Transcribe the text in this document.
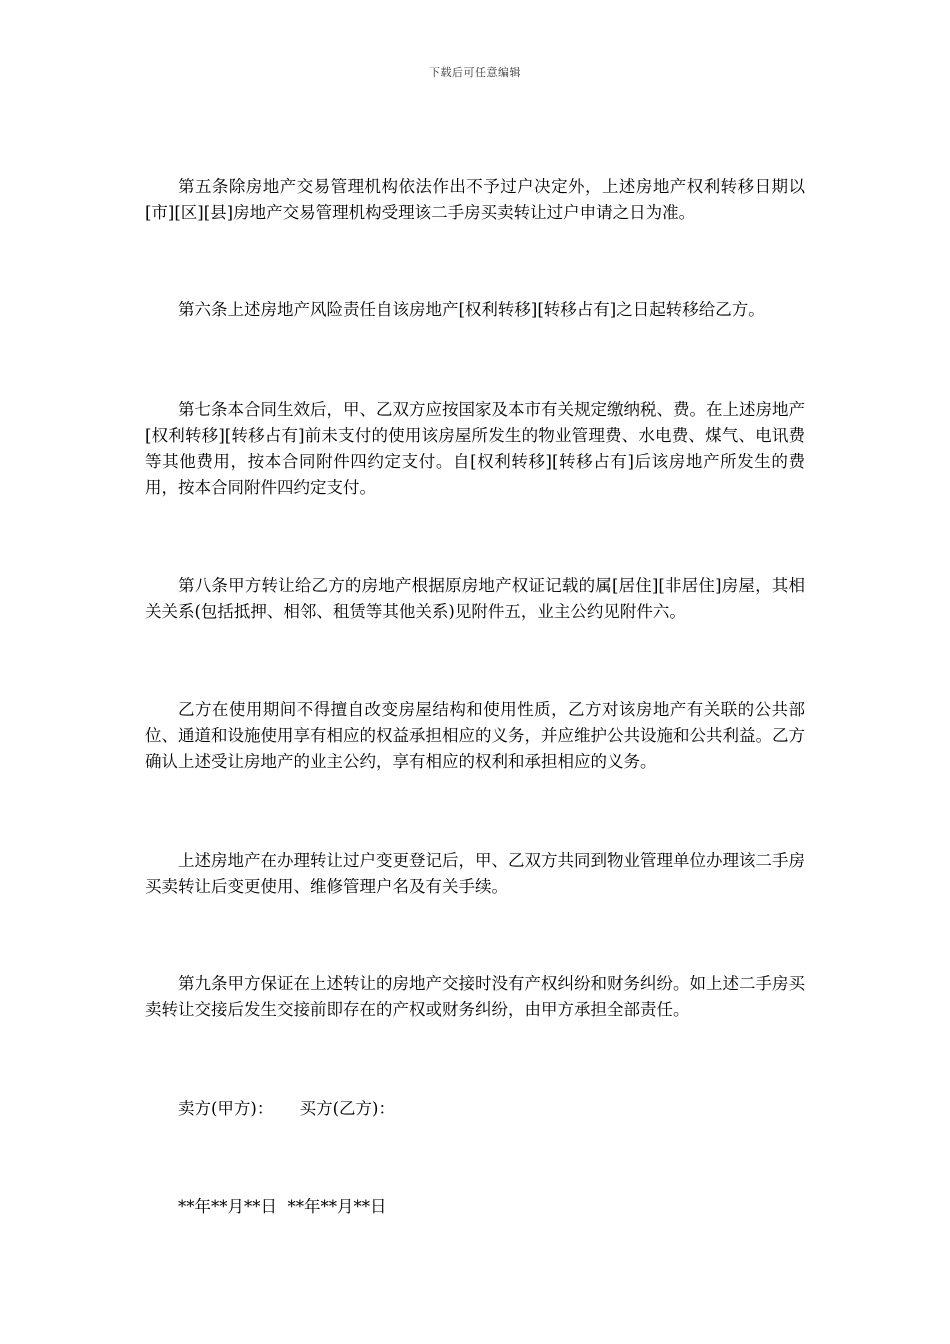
下载后可任意编辑

第五条除房地产交易管理机构依法作出不予过户决定外，上述房地产权利转移日期以[市][区][县]房地产交易管理机构受理该二手房买卖转让过户申请之日为准。

第六条上述房地产风险责任自该房地产[权利转移][转移占有]之日起转移给乙方。

第七条本合同生效后，甲、乙双方应按国家及本市有关规定缴纳税、费。在上述房地产[权利转移][转移占有]前未支付的使用该房屋所发生的物业管理费、水电费、煤气、电讯费等其他费用，按本合同附件四约定支付。自[权利转移][转移占有]后该房地产所发生的费用，按本合同附件四约定支付。

第八条甲方转让给乙方的房地产根据原房地产权证记载的属[居住][非居住]房屋，其相关关系(包括抵押、相邻、租赁等其他关系)见附件五，业主公约见附件六。

乙方在使用期间不得擅自改变房屋结构和使用性质，乙方对该房地产有关联的公共部位、通道和设施使用享有相应的权益承担相应的义务，并应维护公共设施和公共利益。乙方确认上述受让房地产的业主公约，享有相应的权利和承担相应的义务。

上述房地产在办理转让过户变更登记后，甲、乙双方共同到物业管理单位办理该二手房买卖转让后变更使用、维修管理户名及有关手续。

第九条甲方保证在上述转让的房地产交接时没有产权纠纷和财务纠纷。如上述二手房买卖转让交接后发生交接前即存在的产权或财务纠纷，由甲方承担全部责任。

卖方(甲方)：     买方(乙方)：

**年**月**日  **年**月**日
